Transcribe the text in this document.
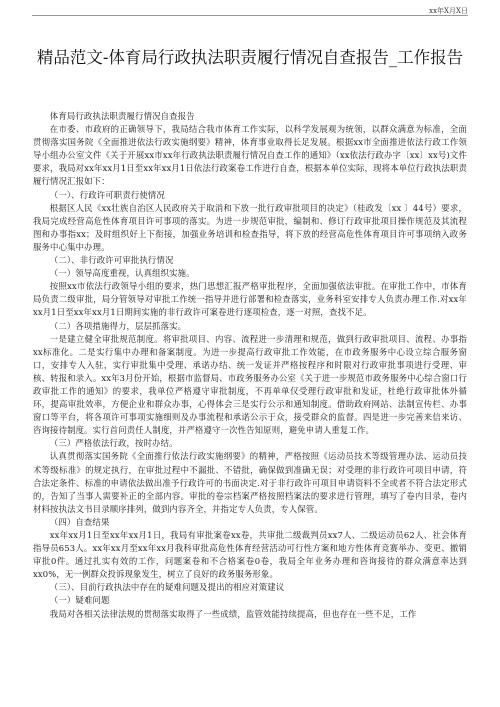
xx年X月X日
精品范文-体育局行政执法职责履行情况自查报告_工作报告

体育局行政执法职责履行情况自查报告

在市委、市政府的正确领导下，我局结合我市体育工作实际，以科学发展观为统领，以群众满意为标准，全面贯彻落实国务院《全面推进依法行政实施纲要》精神，体育事业取得长足发展。根据xx市全面推进依法行政工作领导小组办公室文件《关于开展xx市xx年行政执法职责履行情况自查工作的通知》（xx依法行政办字〔xx〕xx号)文件要求，我局对xx年xx月1日至xx年xx月1日依法行政案卷工作进行自查，根据本单位实际，现将本单位行政执法职责履行情况汇报如下：

（一）、行政许可职责行使情况

根据区人民《xx壮族自治区人民政府关于取消和下放一批行政审批项目的决定》（桂政发〔xx 〕44号）要求，我局完成经营高危性体育项目许可事项的落实。为进一步规范审批，编制和、修订行政审批项目操作规范及其流程图和办事指xx；及时组织好上下衔接，加强业务培训和检查指导，将下放的经营高危性体育项目许可事项纳入政务服务中心集中办理。

（二）、非行政许可审批执行情况

（一）领导高度重视，认真组织实施。

按照xx市依法行政领导小组的要求，热门思想汇报严格审批程序，全面加强依法审批。在审批工作中，市体育局负责二级审批，局分管领导对审批工作统一指导并进行部署和检查落实，业务科室安排专人负责办理工作.对xx年xx月1日至xx年xx月1日期间实施的非行政许可案卷进行逐项检查，逐一对照，查找不足。

（二）各项措施得力，层层抓落实。

一是建立健全审批规范制度。将审批项目、内容、流程进一步清理和规范，做到行政审批项目、流程、办事指xx标准化。二是实行集中办理和备案制度。为进一步提高行政审批工作效能，在市政务服务中心设立综合服务窗口，安排专人入驻，实行审批集中受理、承诺办结、统一发证并严格按程序和时限对行政审批事项进行受理、审核、转报和录入。xx年3月份开始，根据市监督局、市政务服务办公室《关于进一步规范市政务服务中心综合窗口行政审批工作的通知》的要求，我单位严格遵守审批制度，不再单单仅受理行政审批和发证，杜绝行政审批体外循环，提高审批效率，方便企业和群众办事，心得体会三是实行公示和通知制度。借助政府网站、法制宣传栏、办事窗口等平台，将各项许可事项实施细则及办事流程和承诺公示于众，接受群众的监督。四是进一步完善来信来访、咨询接待制度。实行首问责任人制度，并严格遵守一次性告知原则，避免申请人重复工作。

（三）严格依法行政，按时办结。

认真贯彻落实国务院《全面推行依法行政实施纲要》的精神，严格按照《运动员技术等级管理办法、运动员技术等级标准》的规定执行，在审批过程中不漏批、不错批，确保做到准确无误；对受理的非行政许可项目申请，符合法定条件、标准的申请依法做出准予行政许可的书面决定.对于非行政许可项目申请资料不全或者不符合法定形式的，告知了当事人需要补正的全部内容。审批的卷宗档案严格按照档案法的要求进行管理，填写了卷内目录，卷内材料按执法文书目录顺序排列，做到内容齐全，并指定专人负责，专人保管。

（四）自查结果

xx年xx月1日至xx年xx月1日，我局有审批案卷xx卷，共审批二级裁判员xx7人、二级运动员62人、社会体育指导员653人。xx年xx月至xx年xx月我科审批高危性体育经营活动可行性方案和地方性体育竞赛举办、变更、撤销审批0件。通过扎实有效的工作，问题案卷和不合格案卷0卷，我局全年业务办理和咨询接待的群众满意率达到xx0%，无一例群众投诉现象发生，树立了良好的政务服务形象。

（三）、目前行政执法中存在的疑难问题及提出的相应对策建议

（一）疑难问题

我局对各相关法律法规的贯彻落实取得了一些成绩，监管效能持续提高，但也存在一些不足，工作
